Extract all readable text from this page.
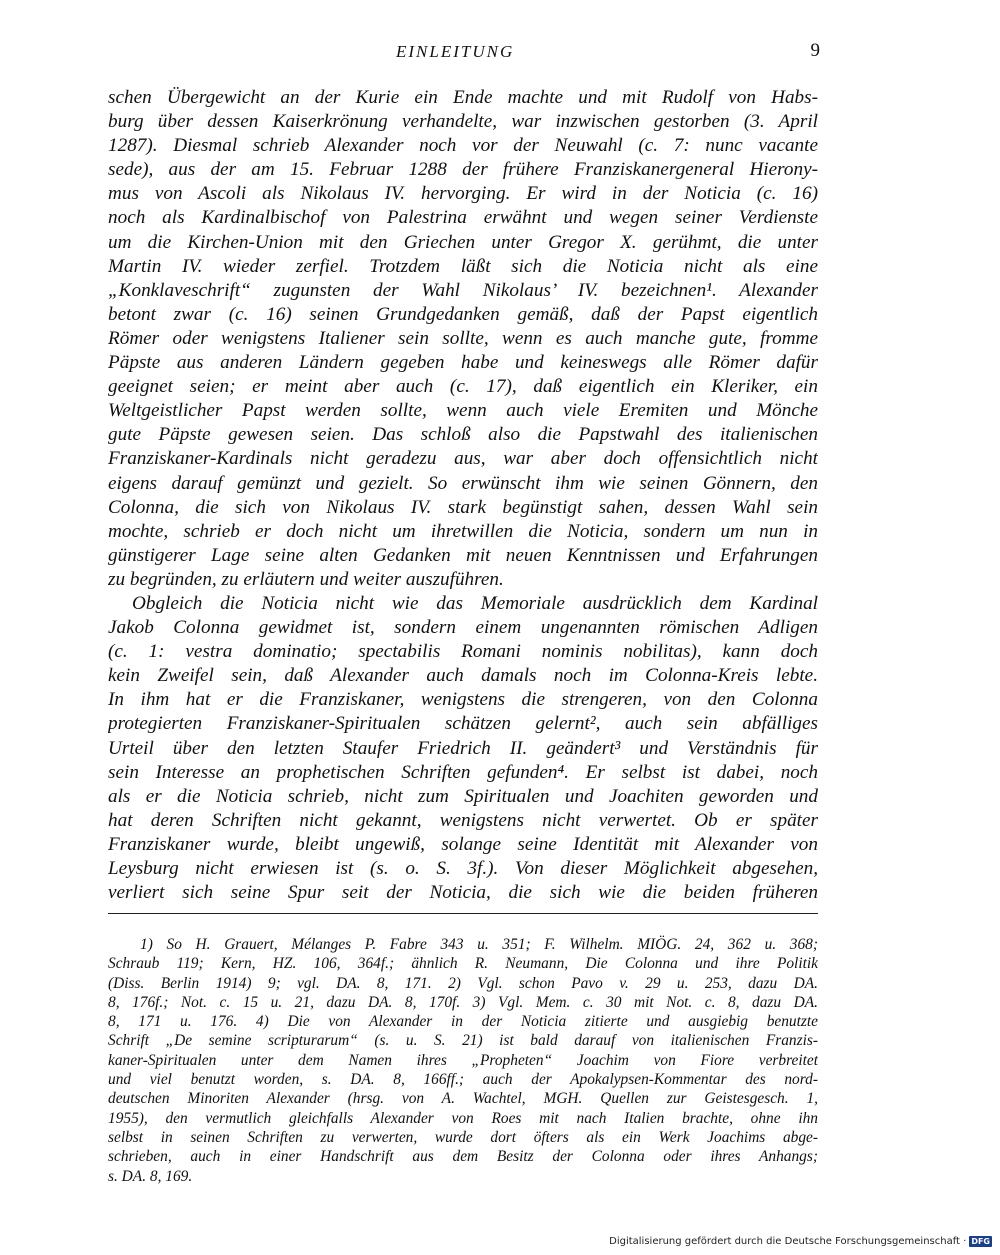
EINLEITUNG	9
schen Übergewicht an der Kurie ein Ende machte und mit Rudolf von Habs-
burg über dessen Kaiserkrönung verhandelte, war inzwischen gestorben (3. April
1287). Diesmal schrieb Alexander noch vor der Neuwahl (c. 7: nunc vacante
sede), aus der am 15. Februar 1288 der frühere Franziskanergeneral Hierony-
mus von Ascoli als Nikolaus IV. hervorging. Er wird in der Noticia (c. 16)
noch als Kardinalbischof von Palestrina erwähnt und wegen seiner Verdienste
um die Kirchen-Union mit den Griechen unter Gregor X. gerühmt, die unter
Martin IV. wieder zerfiel. Trotzdem läßt sich die Noticia nicht als eine
„Konklaveschrift“ zugunsten der Wahl Nikolaus’ IV. bezeichnen¹. Alexander
betont zwar (c. 16) seinen Grundgedanken gemäß, daß der Papst eigentlich
Römer oder wenigstens Italiener sein sollte, wenn es auch manche gute, fromme
Päpste aus anderen Ländern gegeben habe und keineswegs alle Römer dafür
geeignet seien; er meint aber auch (c. 17), daß eigentlich ein Kleriker, ein
Weltgeistlicher Papst werden sollte, wenn auch viele Eremiten und Mönche
gute Päpste gewesen seien. Das schloß also die Papstwahl des italienischen
Franziskaner-Kardinals nicht geradezu aus, war aber doch offensichtlich nicht
eigens darauf gemünzt und gezielt. So erwünscht ihm wie seinen Gönnern, den
Colonna, die sich von Nikolaus IV. stark begünstigt sahen, dessen Wahl sein
mochte, schrieb er doch nicht um ihretwillen die Noticia, sondern um nun in
günstigerer Lage seine alten Gedanken mit neuen Kenntnissen und Erfahrungen
zu begründen, zu erläutern und weiter auszuführen.
Obgleich die Noticia nicht wie das Memoriale ausdrücklich dem Kardinal
Jakob Colonna gewidmet ist, sondern einem ungenannten römischen Adligen
(c. 1: vestra dominatio; spectabilis Romani nominis nobilitas), kann doch
kein Zweifel sein, daß Alexander auch damals noch im Colonna-Kreis lebte.
In ihm hat er die Franziskaner, wenigstens die strengeren, von den Colonna
protegierten Franziskaner-Spiritualen schätzen gelernt², auch sein abfälliges
Urteil über den letzten Staufer Friedrich II. geändert³ und Verständnis für
sein Interesse an prophetischen Schriften gefunden⁴. Er selbst ist dabei, noch
als er die Noticia schrieb, nicht zum Spiritualen und Joachiten geworden und
hat deren Schriften nicht gekannt, wenigstens nicht verwertet. Ob er später
Franziskaner wurde, bleibt ungewiß, solange seine Identität mit Alexander von
Leysburg nicht erwiesen ist (s. o. S. 3f.). Von dieser Möglichkeit abgesehen,
verliert sich seine Spur seit der Noticia, die sich wie die beiden früheren
1) So H. Grauert, Mélanges P. Fabre 343 u. 351; F. Wilhelm. MIÖG. 24, 362 u. 368;
Schraub 119; Kern, HZ. 106, 364f.; ähnlich R. Neumann, Die Colonna und ihre Politik
(Diss. Berlin 1914) 9; vgl. DA. 8, 171. 2) Vgl. schon Pavo v. 29 u. 253, dazu DA.
8, 176f.; Not. c. 15 u. 21, dazu DA. 8, 170f. 3) Vgl. Mem. c. 30 mit Not. c. 8, dazu DA.
8, 171 u. 176. 4) Die von Alexander in der Noticia zitierte und ausgiebig benutzte
Schrift „De semine scripturarum“ (s. u. S. 21) ist bald darauf von italienischen Franzis-
kaner-Spiritualen unter dem Namen ihres „Propheten“ Joachim von Fiore verbreitet
und viel benutzt worden, s. DA. 8, 166ff.; auch der Apokalypsen-Kommentar des nord-
deutschen Minoriten Alexander (hrsg. von A. Wachtel, MGH. Quellen zur Geistesgesch. 1,
1955), den vermutlich gleichfalls Alexander von Roes mit nach Italien brachte, ohne ihn
selbst in seinen Schriften zu verwerten, wurde dort öfters als ein Werk Joachims abge-
schrieben, auch in einer Handschrift aus dem Besitz der Colonna oder ihres Anhangs;
s. DA. 8, 169.
Digitalisierung gefördert durch die Deutsche Forschungsgemeinschaft · DFG
